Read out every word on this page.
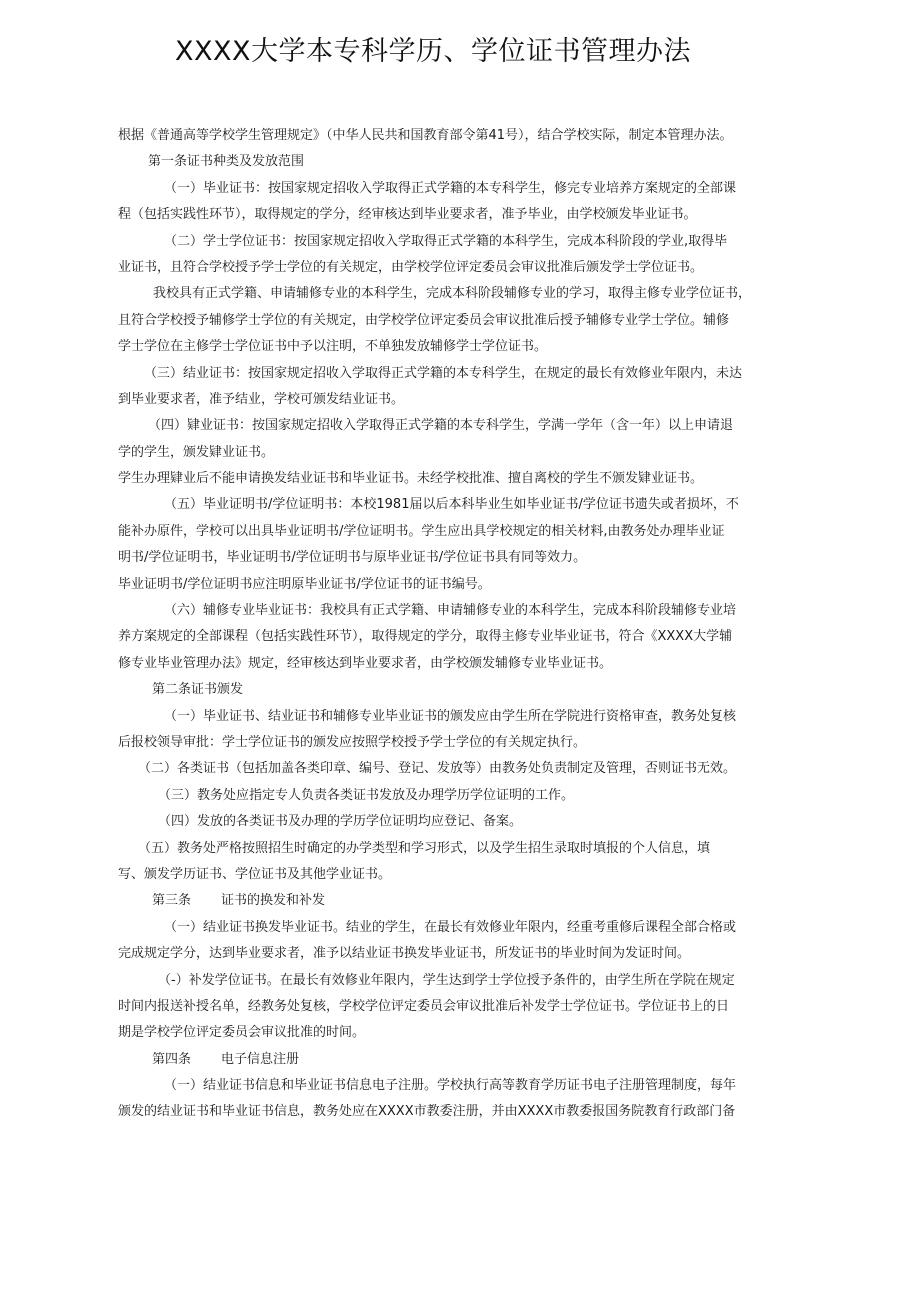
XXXX大学本专科学历、学位证书管理办法
根据《普通高等学校学生管理规定》（中华人民共和国教育部令第41号），结合学校实际，制定本管理办法。
第一条证书种类及发放范围
（一）毕业证书：按国家规定招收入学取得正式学籍的本专科学生，修完专业培养方案规定的全部课
程（包括实践性环节），取得规定的学分，经审核达到毕业要求者，准予毕业，由学校颁发毕业证书。
（二）学士学位证书：按国家规定招收入学取得正式学籍的本科学生，完成本科阶段的学业,取得毕
业证书，且符合学校授予学士学位的有关规定，由学校学位评定委员会审议批准后颁发学士学位证书。
我校具有正式学籍、申请辅修专业的本科学生，完成本科阶段辅修专业的学习，取得主修专业学位证书，
且符合学校授予辅修学士学位的有关规定，由学校学位评定委员会审议批准后授予辅修专业学士学位。辅修
学士学位在主修学士学位证书中予以注明，不单独发放辅修学士学位证书。
（三）结业证书：按国家规定招收入学取得正式学籍的本专科学生，在规定的最长有效修业年限内，未达
到毕业要求者，准予结业，学校可颁发结业证书。
（四）肄业证书：按国家规定招收入学取得正式学籍的本专科学生，学满一学年（含一年）以上申请退
学的学生，颁发肄业证书。
学生办理肄业后不能申请换发结业证书和毕业证书。未经学校批准、擅自离校的学生不颁发肄业证书。
（五）毕业证明书/学位证明书：本校1981届以后本科毕业生如毕业证书/学位证书遗失或者损坏，不
能补办原件，学校可以出具毕业证明书/学位证明书。学生应出具学校规定的相关材料,由教务处办理毕业证
明书/学位证明书，毕业证明书/学位证明书与原毕业证书/学位证书具有同等效力。
毕业证明书/学位证明书应注明原毕业证书/学位证书的证书编号。
（六）辅修专业毕业证书：我校具有正式学籍、申请辅修专业的本科学生，完成本科阶段辅修专业培
养方案规定的全部课程（包括实践性环节），取得规定的学分，取得主修专业毕业证书，符合《XXXX大学辅
修专业毕业管理办法》规定，经审核达到毕业要求者，由学校颁发辅修专业毕业证书。
第二条证书颁发
（一）毕业证书、结业证书和辅修专业毕业证书的颁发应由学生所在学院进行资格审查，教务处复核
后报校领导审批：学士学位证书的颁发应按照学校授予学士学位的有关规定执行。
（二）各类证书（包括加盖各类印章、编号、登记、发放等）由教务处负责制定及管理，否则证书无效。
（三）教务处应指定专人负责各类证书发放及办理学历学位证明的工作。
（四）发放的各类证书及办理的学历学位证明均应登记、备案。
（五）教务处严格按照招生时确定的办学类型和学习形式，以及学生招生录取时填报的个人信息，填
写、颁发学历证书、学位证书及其他学业证书。
第三条 证书的换发和补发
（一）结业证书换发毕业证书。结业的学生，在最长有效修业年限内，经重考重修后课程全部合格或
完成规定学分，达到毕业要求者，准予以结业证书换发毕业证书，所发证书的毕业时间为发证时间。
（-）补发学位证书。在最长有效修业年限内，学生达到学士学位授予条件的，由学生所在学院在规定
时间内报送补授名单，经教务处复核，学校学位评定委员会审议批准后补发学士学位证书。学位证书上的日
期是学校学位评定委员会审议批准的时间。
第四条 电子信息注册
（一）结业证书信息和毕业证书信息电子注册。学校执行高等教育学历证书电子注册管理制度，每年
颁发的结业证书和毕业证书信息，教务处应在XXXX市教委注册，并由XXXX市教委报国务院教育行政部门备
